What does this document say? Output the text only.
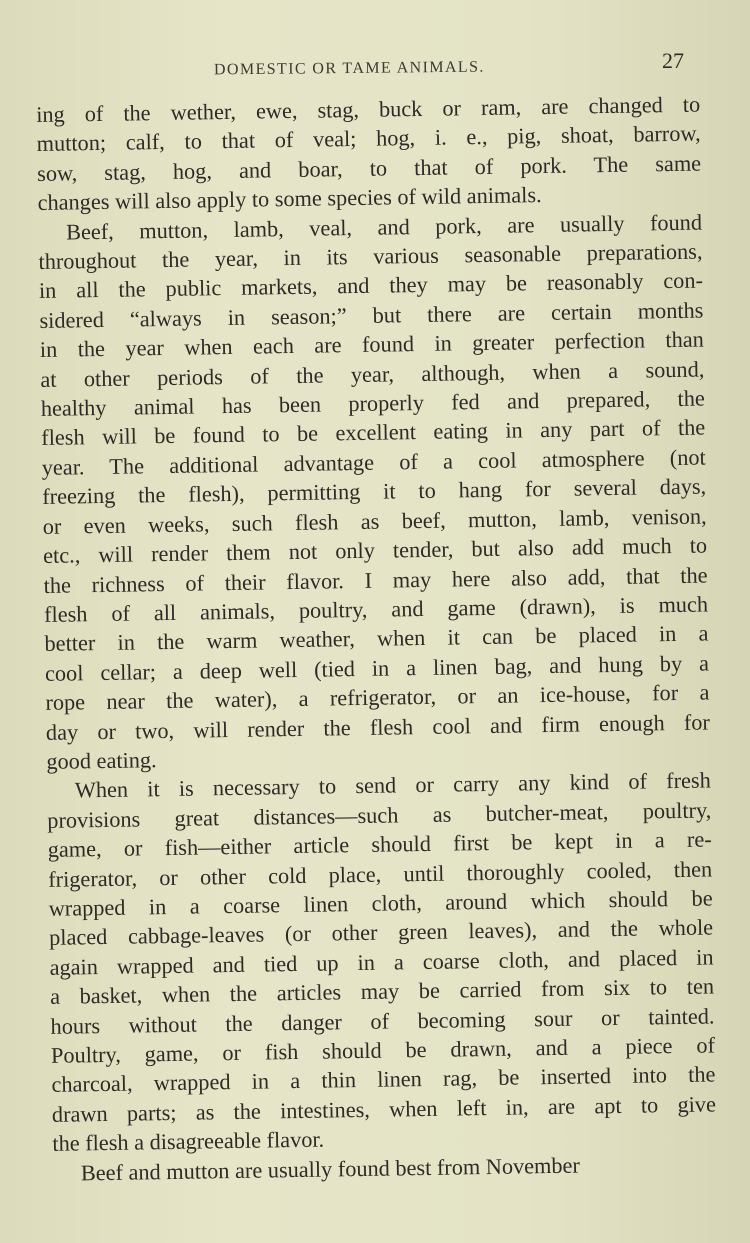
DOMESTIC OR TAME ANIMALS.	27
ing of the wether, ewe, stag, buck or ram, are changed to
mutton; calf, to that of veal; hog, i. e., pig, shoat, barrow,
sow, stag, hog, and boar, to that of pork. The same
changes will also apply to some species of wild animals.
Beef, mutton, lamb, veal, and pork, are usually found
throughout the year, in its various seasonable preparations,
in all the public markets, and they may be reasonably con-
sidered “always in season;” but there are certain months
in the year when each are found in greater perfection than
at other periods of the year, although, when a sound,
healthy animal has been properly fed and prepared, the
flesh will be found to be excellent eating in any part of the
year. The additional advantage of a cool atmosphere (not
freezing the flesh), permitting it to hang for several days,
or even weeks, such flesh as beef, mutton, lamb, venison,
etc., will render them not only tender, but also add much to
the richness of their flavor. I may here also add, that the
flesh of all animals, poultry, and game (drawn), is much
better in the warm weather, when it can be placed in a
cool cellar; a deep well (tied in a linen bag, and hung by a
rope near the water), a refrigerator, or an ice-house, for a
day or two, will render the flesh cool and firm enough for
good eating.
When it is necessary to send or carry any kind of fresh
provisions great distances—such as butcher-meat, poultry,
game, or fish—either article should first be kept in a re-
frigerator, or other cold place, until thoroughly cooled, then
wrapped in a coarse linen cloth, around which should be
placed cabbage-leaves (or other green leaves), and the whole
again wrapped and tied up in a coarse cloth, and placed in
a basket, when the articles may be carried from six to ten
hours without the danger of becoming sour or tainted.
Poultry, game, or fish should be drawn, and a piece of
charcoal, wrapped in a thin linen rag, be inserted into the
drawn parts; as the intestines, when left in, are apt to give
the flesh a disagreeable flavor.
Beef and mutton are usually found best from November
